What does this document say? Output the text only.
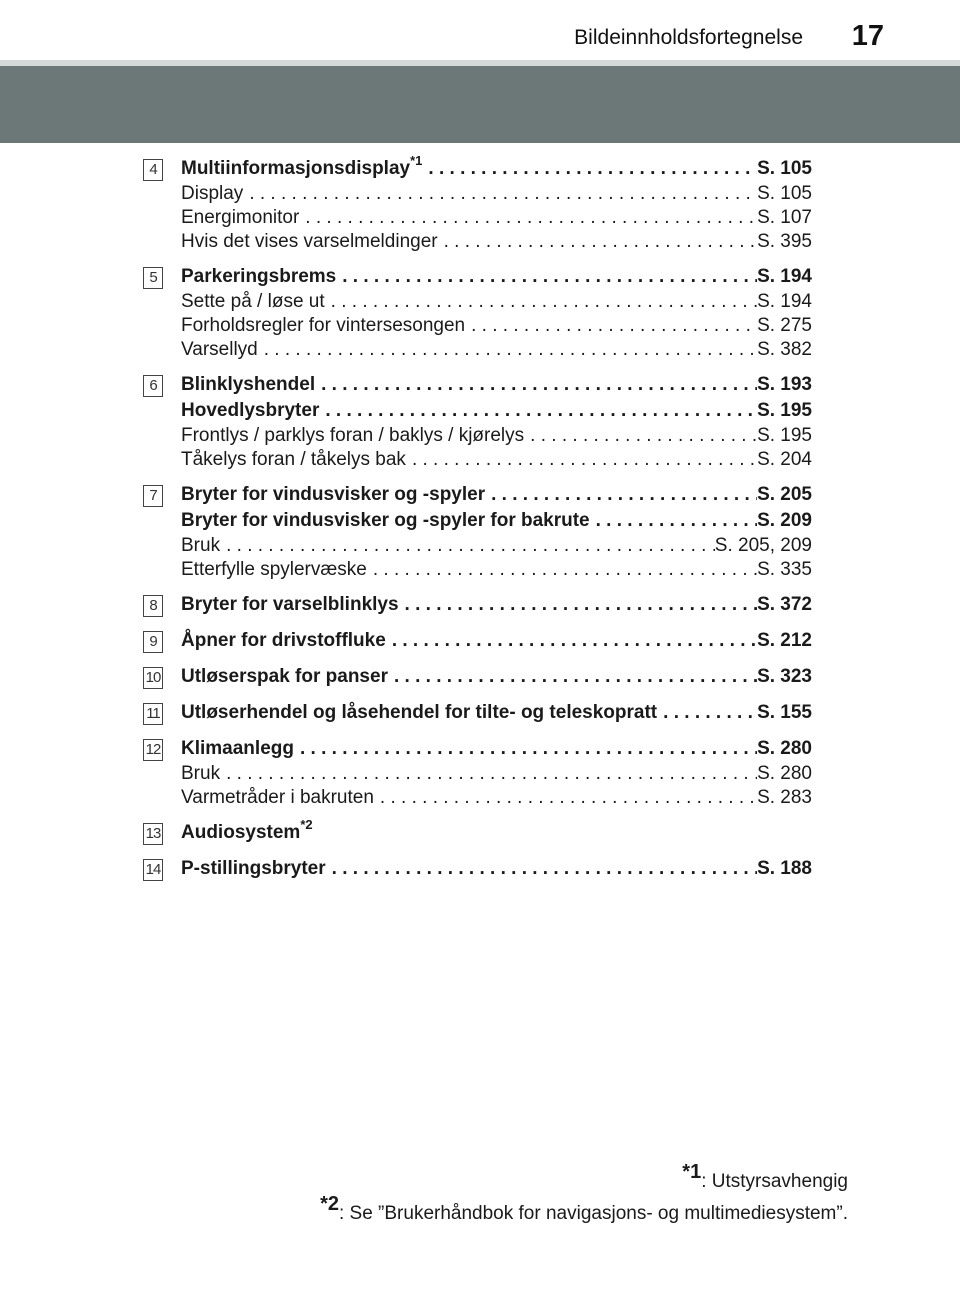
Bildeinnholdsfortegnelse 17
4	Multiinformasjonsdisplay$^{*1}$ . . .	S. 105
Display . . .	S. 105
Energimonitor . . .	S. 107
Hvis det vises varselmeldinger . . .	S. 395
5	Parkeringsbrems . . .	S. 194
Sette på / løse ut . . .	S. 194
Forholdsregler for vintersesongen . . .	S. 275
Varsellyd . . .	S. 382
6	Blinklyshendel . . .	S. 193
Hovedlysbryter . . .	S. 195
Frontlys / parklys foran / baklys / kjørelys . . .	S. 195
Tåkelys foran / tåkelys bak . . .	S. 204
7	Bryter for vindusvisker og -spyler . . .	S. 205
Bryter for vindusvisker og -spyler for bakrute . . .	S. 209
Bruk . . .	S. 205, 209
Etterfylle spylervæske . . .	S. 335
8	Bryter for varselblinklys . . .	S. 372
9	Åpner for drivstoffluke . . .	S. 212
10 Utløserspak for panser . . .	S. 323
11 Utløserhendel og låsehendel for tilte- og teleskopratt . . .	S. 155
12 Klimaanlegg . . .	S. 280
Bruk . . .	S. 280
Varmetråder i bakruten . . .	S. 283
13 Audiosystem$^{*2}$
14 P-stillingsbryter . . .	S. 188
$^{*1}$: Utstyrsavhengig
$^{*2}$: Se ”Brukerhåndbok for navigasjons- og multimediesystem”.
